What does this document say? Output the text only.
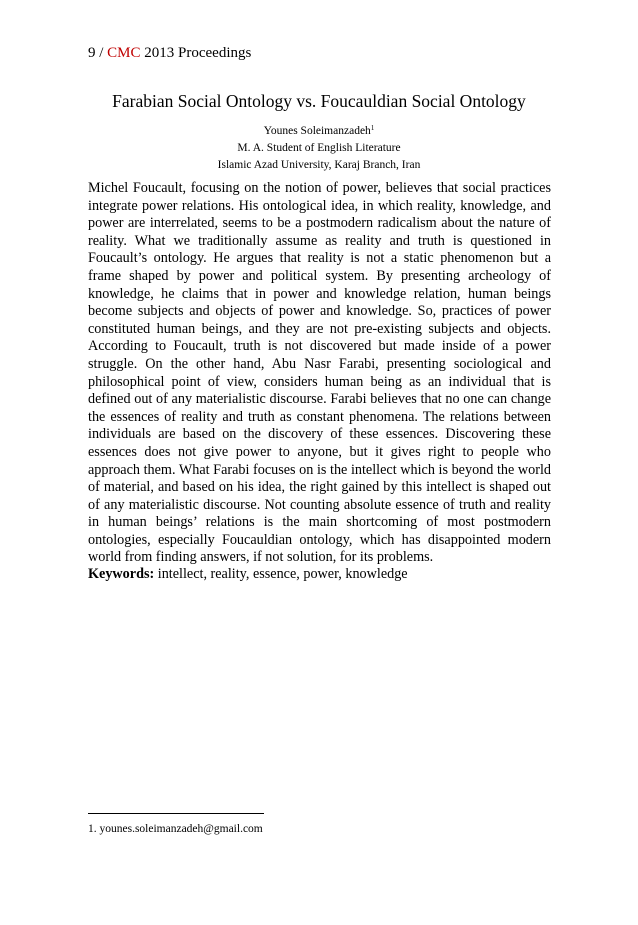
9 / CMC 2013 Proceedings
Farabian Social Ontology vs. Foucauldian Social Ontology
Younes Soleimanzadeh$^1$
M. A. Student of English Literature
Islamic Azad University, Karaj Branch, Iran

Michel Foucault, focusing on the notion of power, believes that social practices integrate power relations. His ontological idea, in which reality, knowledge, and power are interrelated, seems to be a postmodern radicalism about the nature of reality. What we traditionally assume as reality and truth is questioned in Foucault’s ontology. He argues that reality is not a static phenomenon but a frame shaped by power and political system. By presenting archeology of knowledge, he claims that in power and knowledge relation, human beings become subjects and objects of power and knowledge. So, practices of power constituted human beings, and they are not pre-existing subjects and objects. According to Foucault, truth is not discovered but made inside of a power struggle. On the other hand, Abu Nasr Farabi, presenting sociological and philosophical point of view, considers human being as an individual that is defined out of any materialistic discourse. Farabi believes that no one can change the essences of reality and truth as constant phenomena. The relations between individuals are based on the discovery of these essences. Discovering these essences does not give power to anyone, but it gives right to people who approach them. What Farabi focuses on is the intellect which is beyond the world of material, and based on his idea, the right gained by this intellect is shaped out of any materialistic discourse. Not counting absolute essence of truth and reality in human beings’ relations is the main shortcoming of most postmodern ontologies, especially Foucauldian ontology, which has disappointed modern world from finding answers, if not solution, for its problems.

Keywords: intellect, reality, essence, power, knowledge
1. younes.soleimanzadeh@gmail.com
